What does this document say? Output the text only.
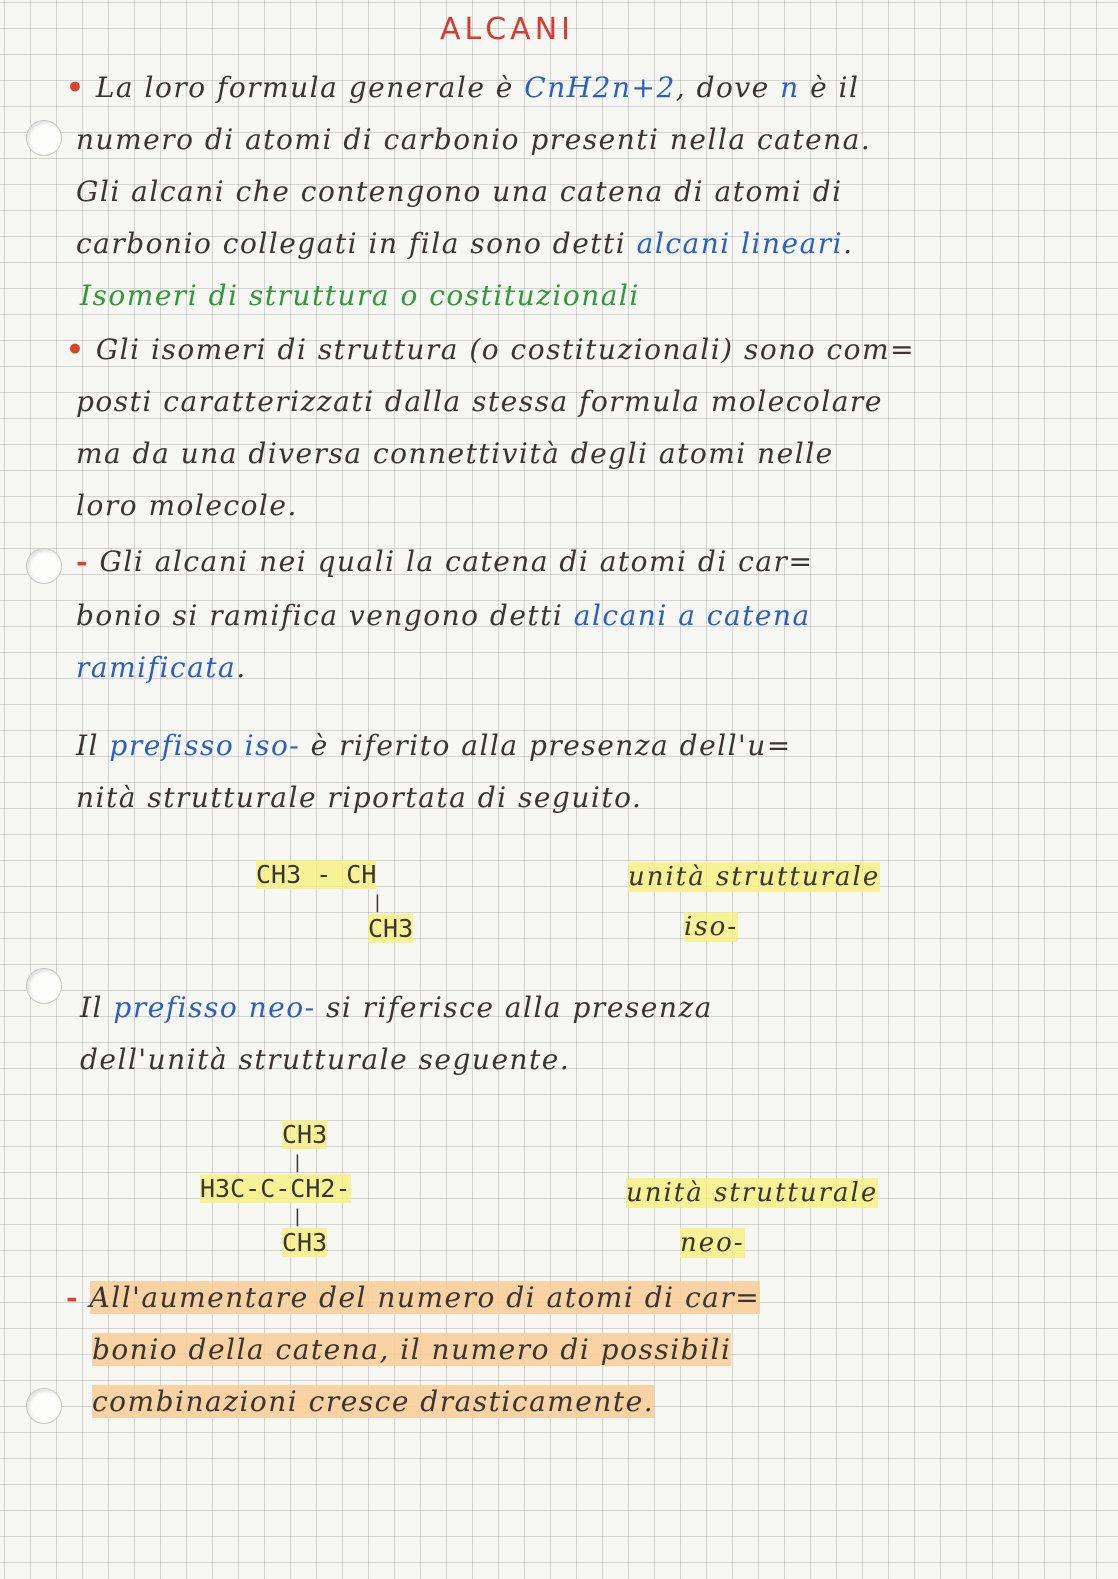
ALCANI
• La loro formula generale è CnH2n+2, dove n è il
numero di atomi di carbonio presenti nella catena.
Gli alcani che contengono una catena di atomi di
carbonio collegati in fila sono detti alcani lineari.
Isomeri di struttura o costituzionali
• Gli isomeri di struttura (o costituzionali) sono com=
posti caratterizzati dalla stessa formula molecolare
ma da una diversa connettività degli atomi nelle
loro molecole.
- Gli alcani nei quali la catena di atomi di car=
bonio si ramifica vengono detti alcani a catena
ramificata.
Il prefisso iso- è riferito alla presenza dell'u=
nità strutturale riportata di seguito.
CH3 - CH
|
CH3
unità strutturale
iso-
Il prefisso neo- si riferisce alla presenza
dell'unità strutturale seguente.
CH3
|
H3C-C-CH2-
|
CH3
unità strutturale
neo-
- All'aumentare del numero di atomi di car=
bonio della catena, il numero di possibili
combinazioni cresce drasticamente.
